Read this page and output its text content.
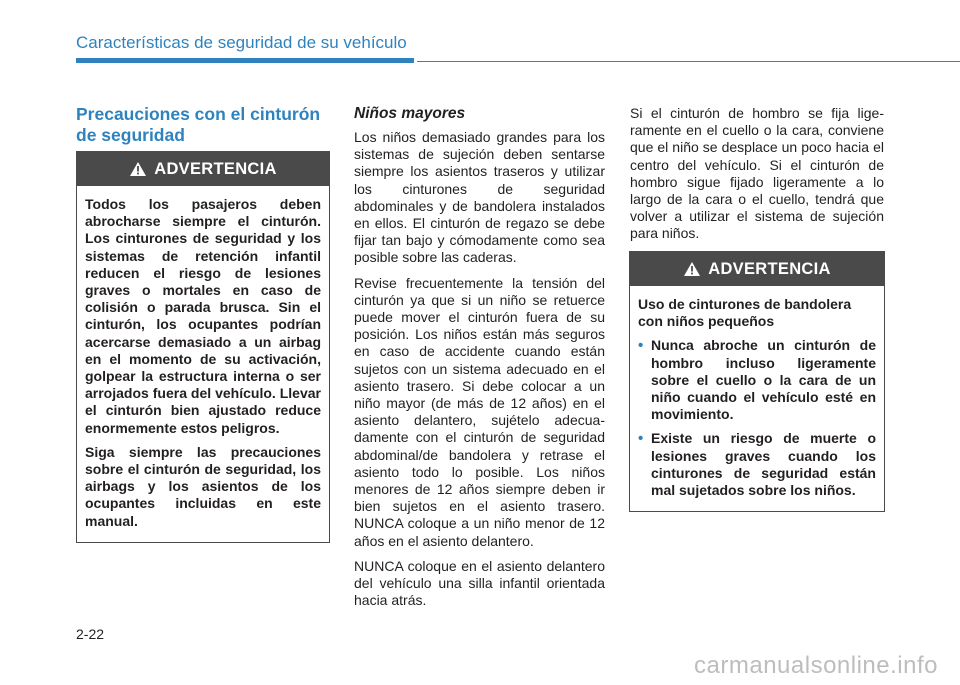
Características de seguridad de su vehículo
Precauciones con el cinturón de seguridad
ADVERTENCIA

Todos los pasajeros deben abrocharse siempre el cinturón. Los cinturones de seguridad y los sistemas de retención infantil reducen el riesgo de lesiones graves o mortales en caso de colisión o parada brusca. Sin el cinturón, los ocupantes podrían acercarse demasiado a un airbag en el momento de su activación, golpear la estructura interna o ser arrojados fuera del vehículo. Llevar el cinturón bien ajustado reduce enormemente estos peligros.

Siga siempre las precauciones sobre el cinturón de seguridad, los airbags y los asientos de los ocupantes incluidas en este manual.

Niños mayores

Los niños demasiado grandes para los sistemas de sujeción deben sentarse siempre los asientos traseros y utilizar los cinturones de seguridad abdominales y de bandolera instalados en ellos. El cinturón de regazo se debe fijar tan bajo y cómodamente como sea posible sobre las caderas.

Revise frecuentemente la tensión del cinturón ya que si un niño se retuerce puede mover el cinturón fuera de su posición. Los niños están más seguros en caso de accidente cuando están sujetos con un sistema adecuado en el asiento trasero. Si debe colocar a un niño mayor (de más de 12 años) en el asiento delantero, sujételo adecuadamente con el cinturón de seguridad abdominal/de bandolera y retrase el asiento todo lo posible. Los niños menores de 12 años siempre deben ir bien sujetos en el asiento trasero. NUNCA coloque a un niño menor de 12 años en el asiento delantero.

NUNCA coloque en el asiento delantero del vehículo una silla infantil orientada hacia atrás.

Si el cinturón de hombro se fija ligeramente en el cuello o la cara, conviene que el niño se desplace un poco hacia el centro del vehículo. Si el cinturón de hombro sigue fijado ligeramente a lo largo de la cara o el cuello, tendrá que volver a utilizar el sistema de sujeción para niños.

ADVERTENCIA

Uso de cinturones de bandolera con niños pequeños

• Nunca abroche un cinturón de hombro incluso ligeramente sobre el cuello o la cara de un niño cuando el vehículo esté en movimiento.
• Existe un riesgo de muerte o lesiones graves cuando los cinturones de seguridad están mal sujetados sobre los niños.
2-22
carmanualsonline.info
